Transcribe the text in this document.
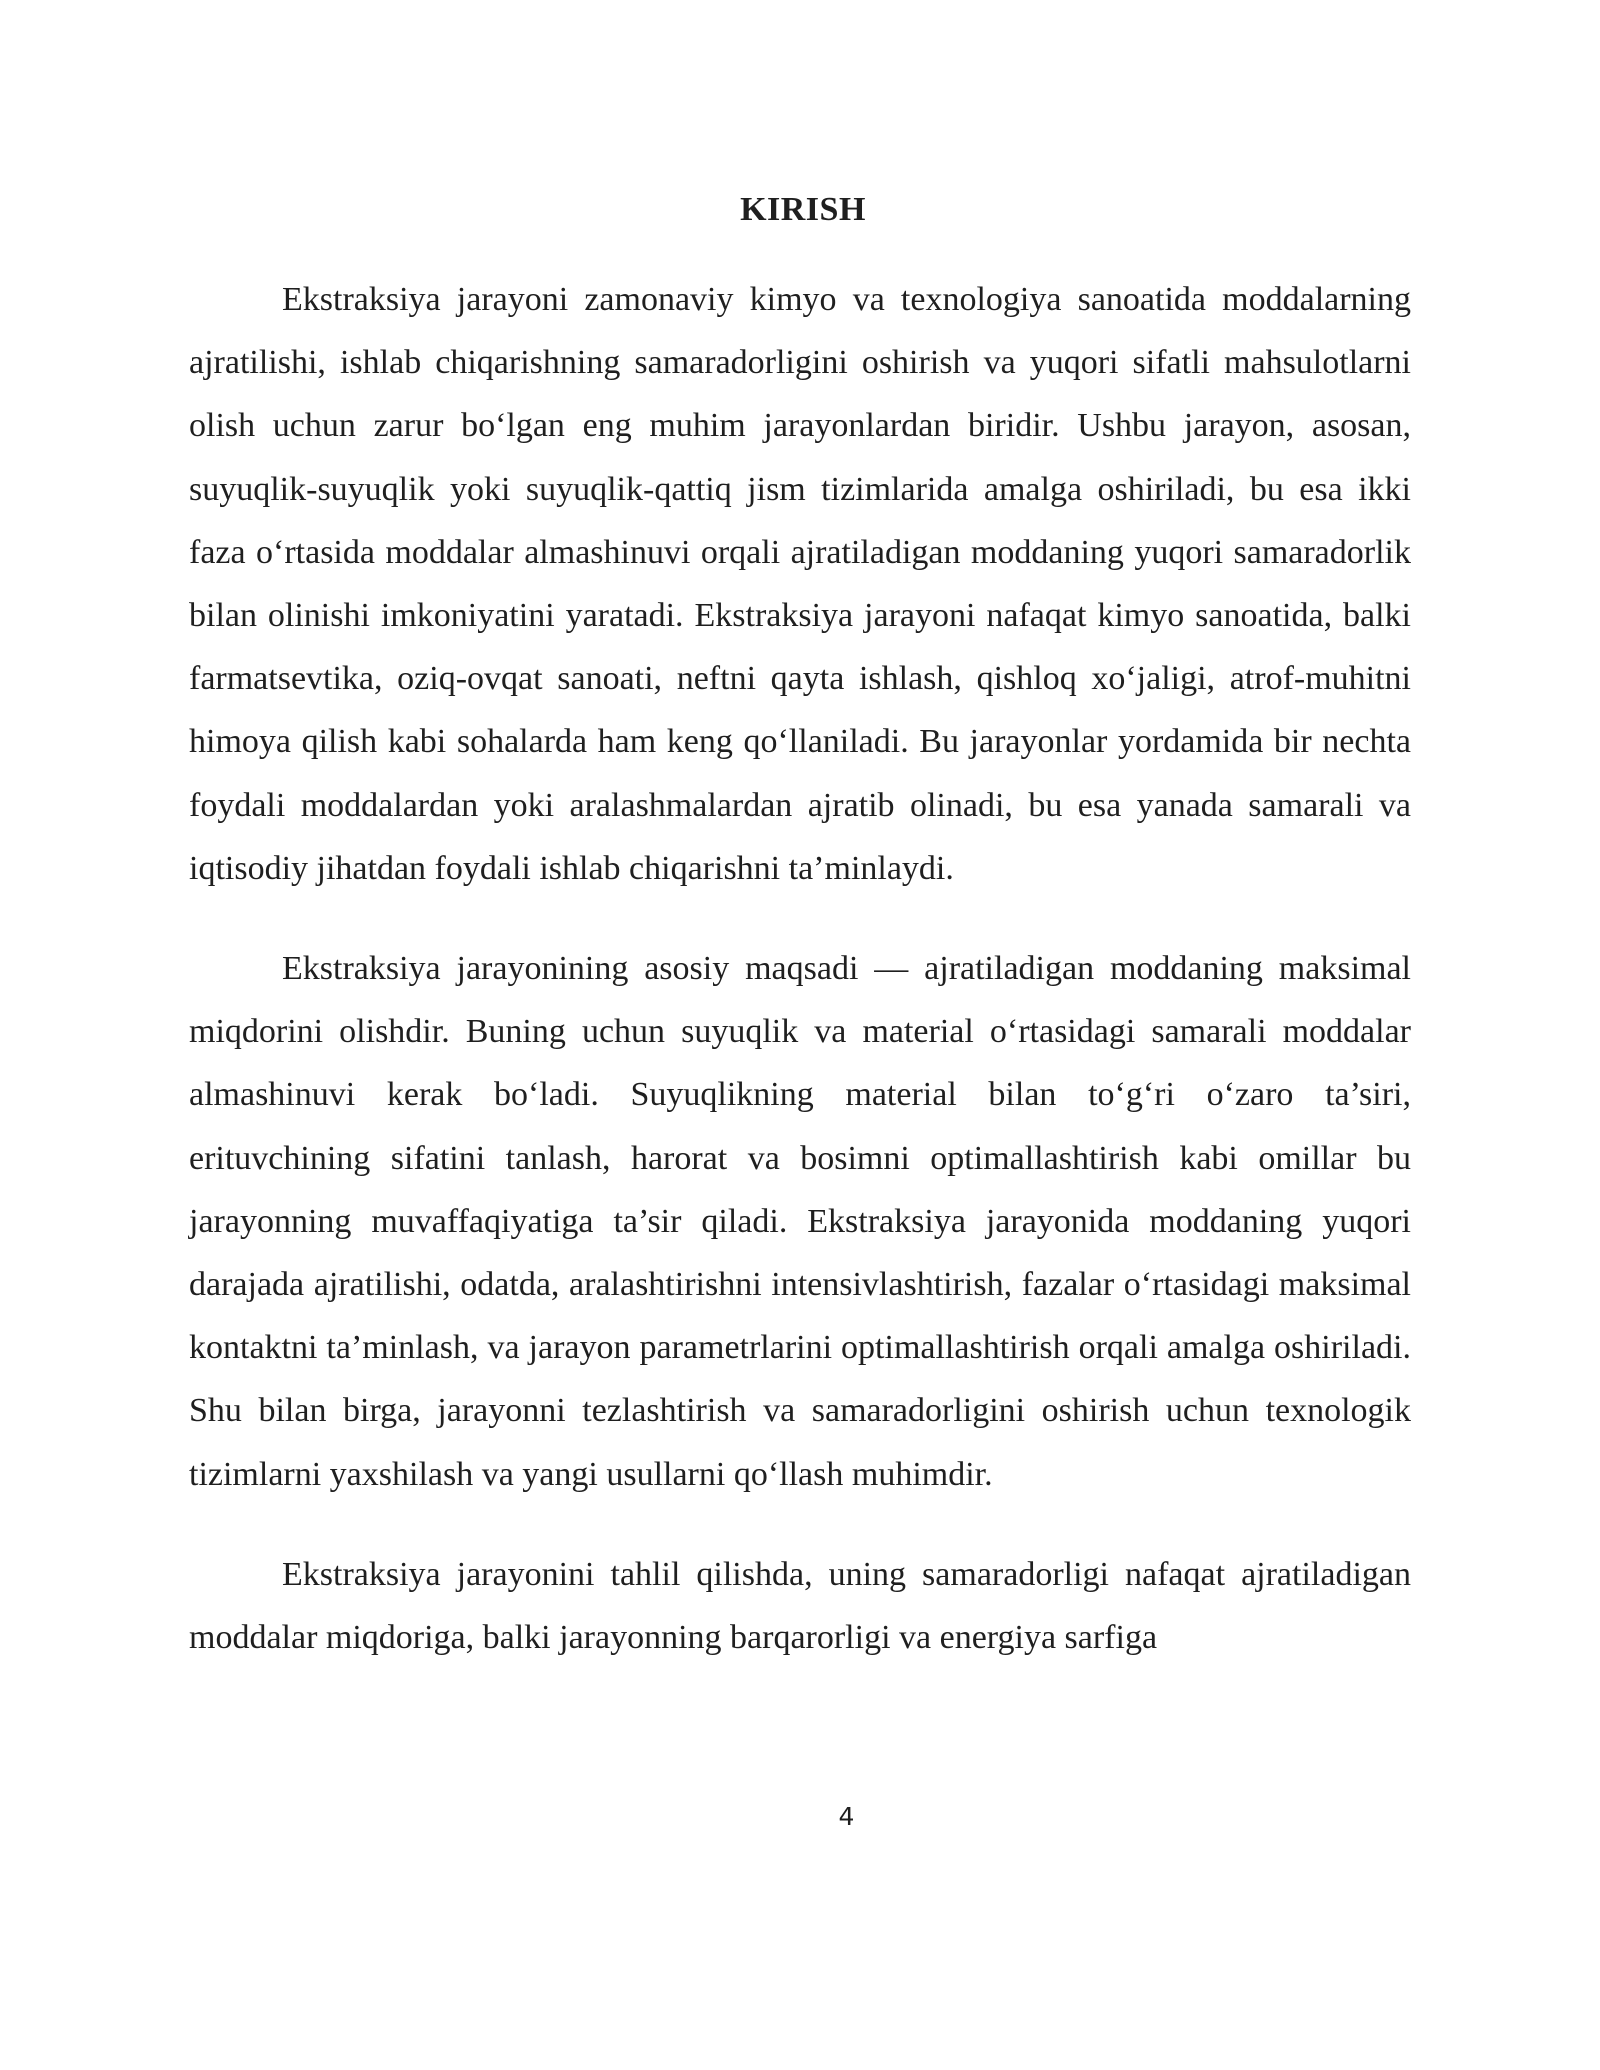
KIRISH

Ekstraksiya jarayoni zamonaviy kimyo va texnologiya sanoatida moddalarning ajratilishi, ishlab chiqarishning samaradorligini oshirish va yuqori sifatli mahsulotlarni olish uchun zarur bo‘lgan eng muhim jarayonlardan biridir. Ushbu jarayon, asosan, suyuqlik-suyuqlik yoki suyuqlik-qattiq jism tizimlarida amalga oshiriladi, bu esa ikki faza o‘rtasida moddalar almashinuvi orqali ajratiladigan moddaning yuqori samaradorlik bilan olinishi imkoniyatini yaratadi. Ekstraksiya jarayoni nafaqat kimyo sanoatida, balki farmatsevtika, oziq-ovqat sanoati, neftni qayta ishlash, qishloq xo‘jaligi, atrof-muhitni himoya qilish kabi sohalarda ham keng qo‘llaniladi. Bu jarayonlar yordamida bir nechta foydali moddalardan yoki aralashmalardan ajratib olinadi, bu esa yanada samarali va iqtisodiy jihatdan foydali ishlab chiqarishni ta’minlaydi.

Ekstraksiya jarayonining asosiy maqsadi — ajratiladigan moddaning maksimal miqdorini olishdir. Buning uchun suyuqlik va material o‘rtasidagi samarali moddalar almashinuvi kerak bo‘ladi. Suyuqlikning material bilan to‘g‘ri o‘zaro ta’siri, erituvchining sifatini tanlash, harorat va bosimni optimallashtirish kabi omillar bu jarayonning muvaffaqiyatiga ta’sir qiladi. Ekstraksiya jarayonida moddaning yuqori darajada ajratilishi, odatda, aralashtirishni intensivlashtirish, fazalar o‘rtasidagi maksimal kontaktni ta’minlash, va jarayon parametrlarini optimallashtirish orqali amalga oshiriladi. Shu bilan birga, jarayonni tezlashtirish va samaradorligini oshirish uchun texnologik tizimlarni yaxshilash va yangi usullarni qo‘llash muhimdir.

Ekstraksiya jarayonini tahlil qilishda, uning samaradorligi nafaqat ajratiladigan moddalar miqdoriga, balki jarayonning barqarorligi va energiya sarfiga

4
